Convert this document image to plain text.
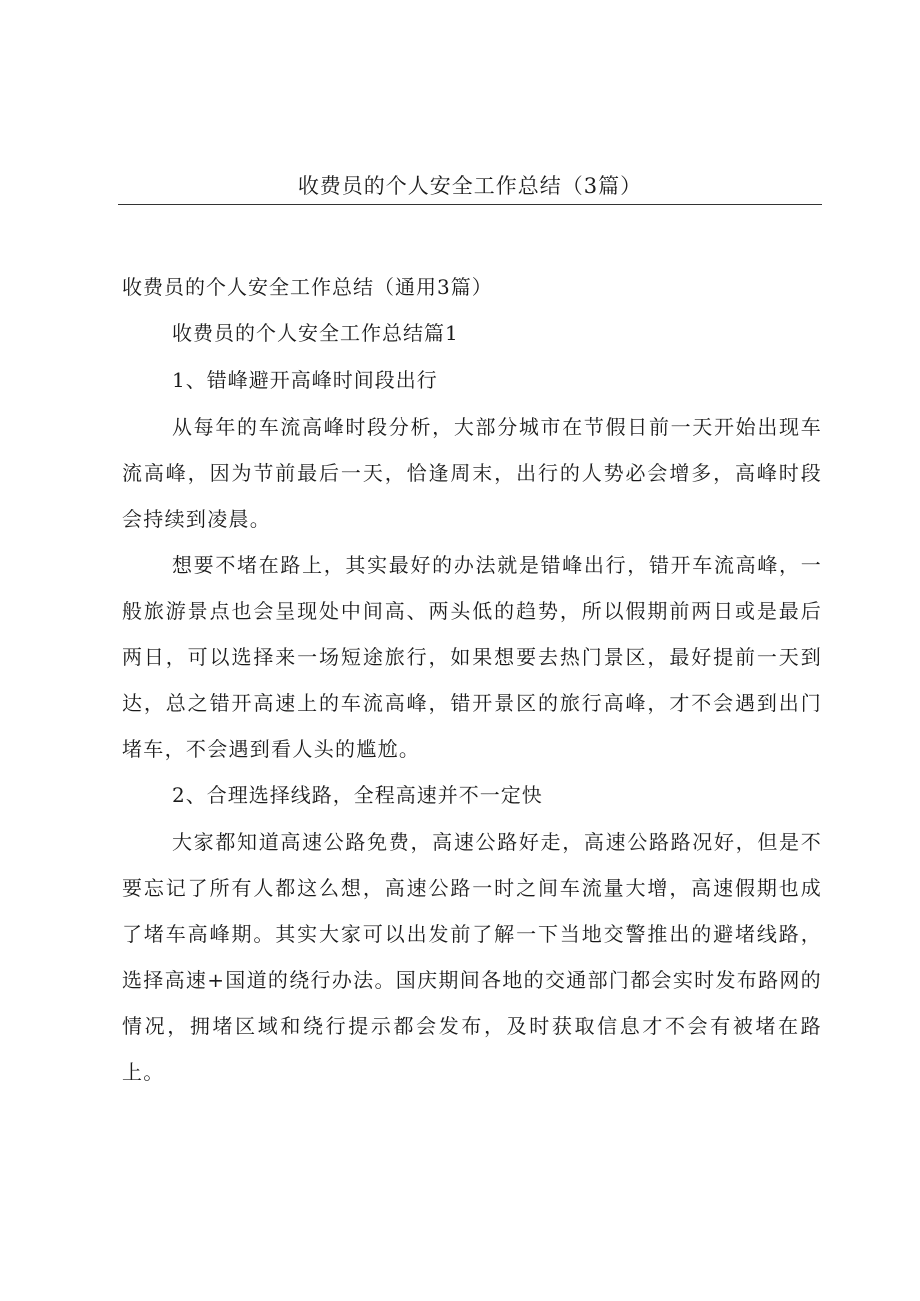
收费员的个人安全工作总结（3篇）
收费员的个人安全工作总结（通用3篇）

收费员的个人安全工作总结篇1

1、错峰避开高峰时间段出行

从每年的车流高峰时段分析，大部分城市在节假日前一天开始出现车流高峰，因为节前最后一天，恰逢周末，出行的人势必会增多，高峰时段会持续到凌晨。

想要不堵在路上，其实最好的办法就是错峰出行，错开车流高峰，一般旅游景点也会呈现处中间高、两头低的趋势，所以假期前两日或是最后两日，可以选择来一场短途旅行，如果想要去热门景区，最好提前一天到达，总之错开高速上的车流高峰，错开景区的旅行高峰，才不会遇到出门堵车，不会遇到看人头的尴尬。

2、合理选择线路，全程高速并不一定快

大家都知道高速公路免费，高速公路好走，高速公路路况好，但是不要忘记了所有人都这么想，高速公路一时之间车流量大增，高速假期也成了堵车高峰期。其实大家可以出发前了解一下当地交警推出的避堵线路，选择高速+国道的绕行办法。国庆期间各地的交通部门都会实时发布路网的情况，拥堵区域和绕行提示都会发布，及时获取信息才不会有被堵在路上。
